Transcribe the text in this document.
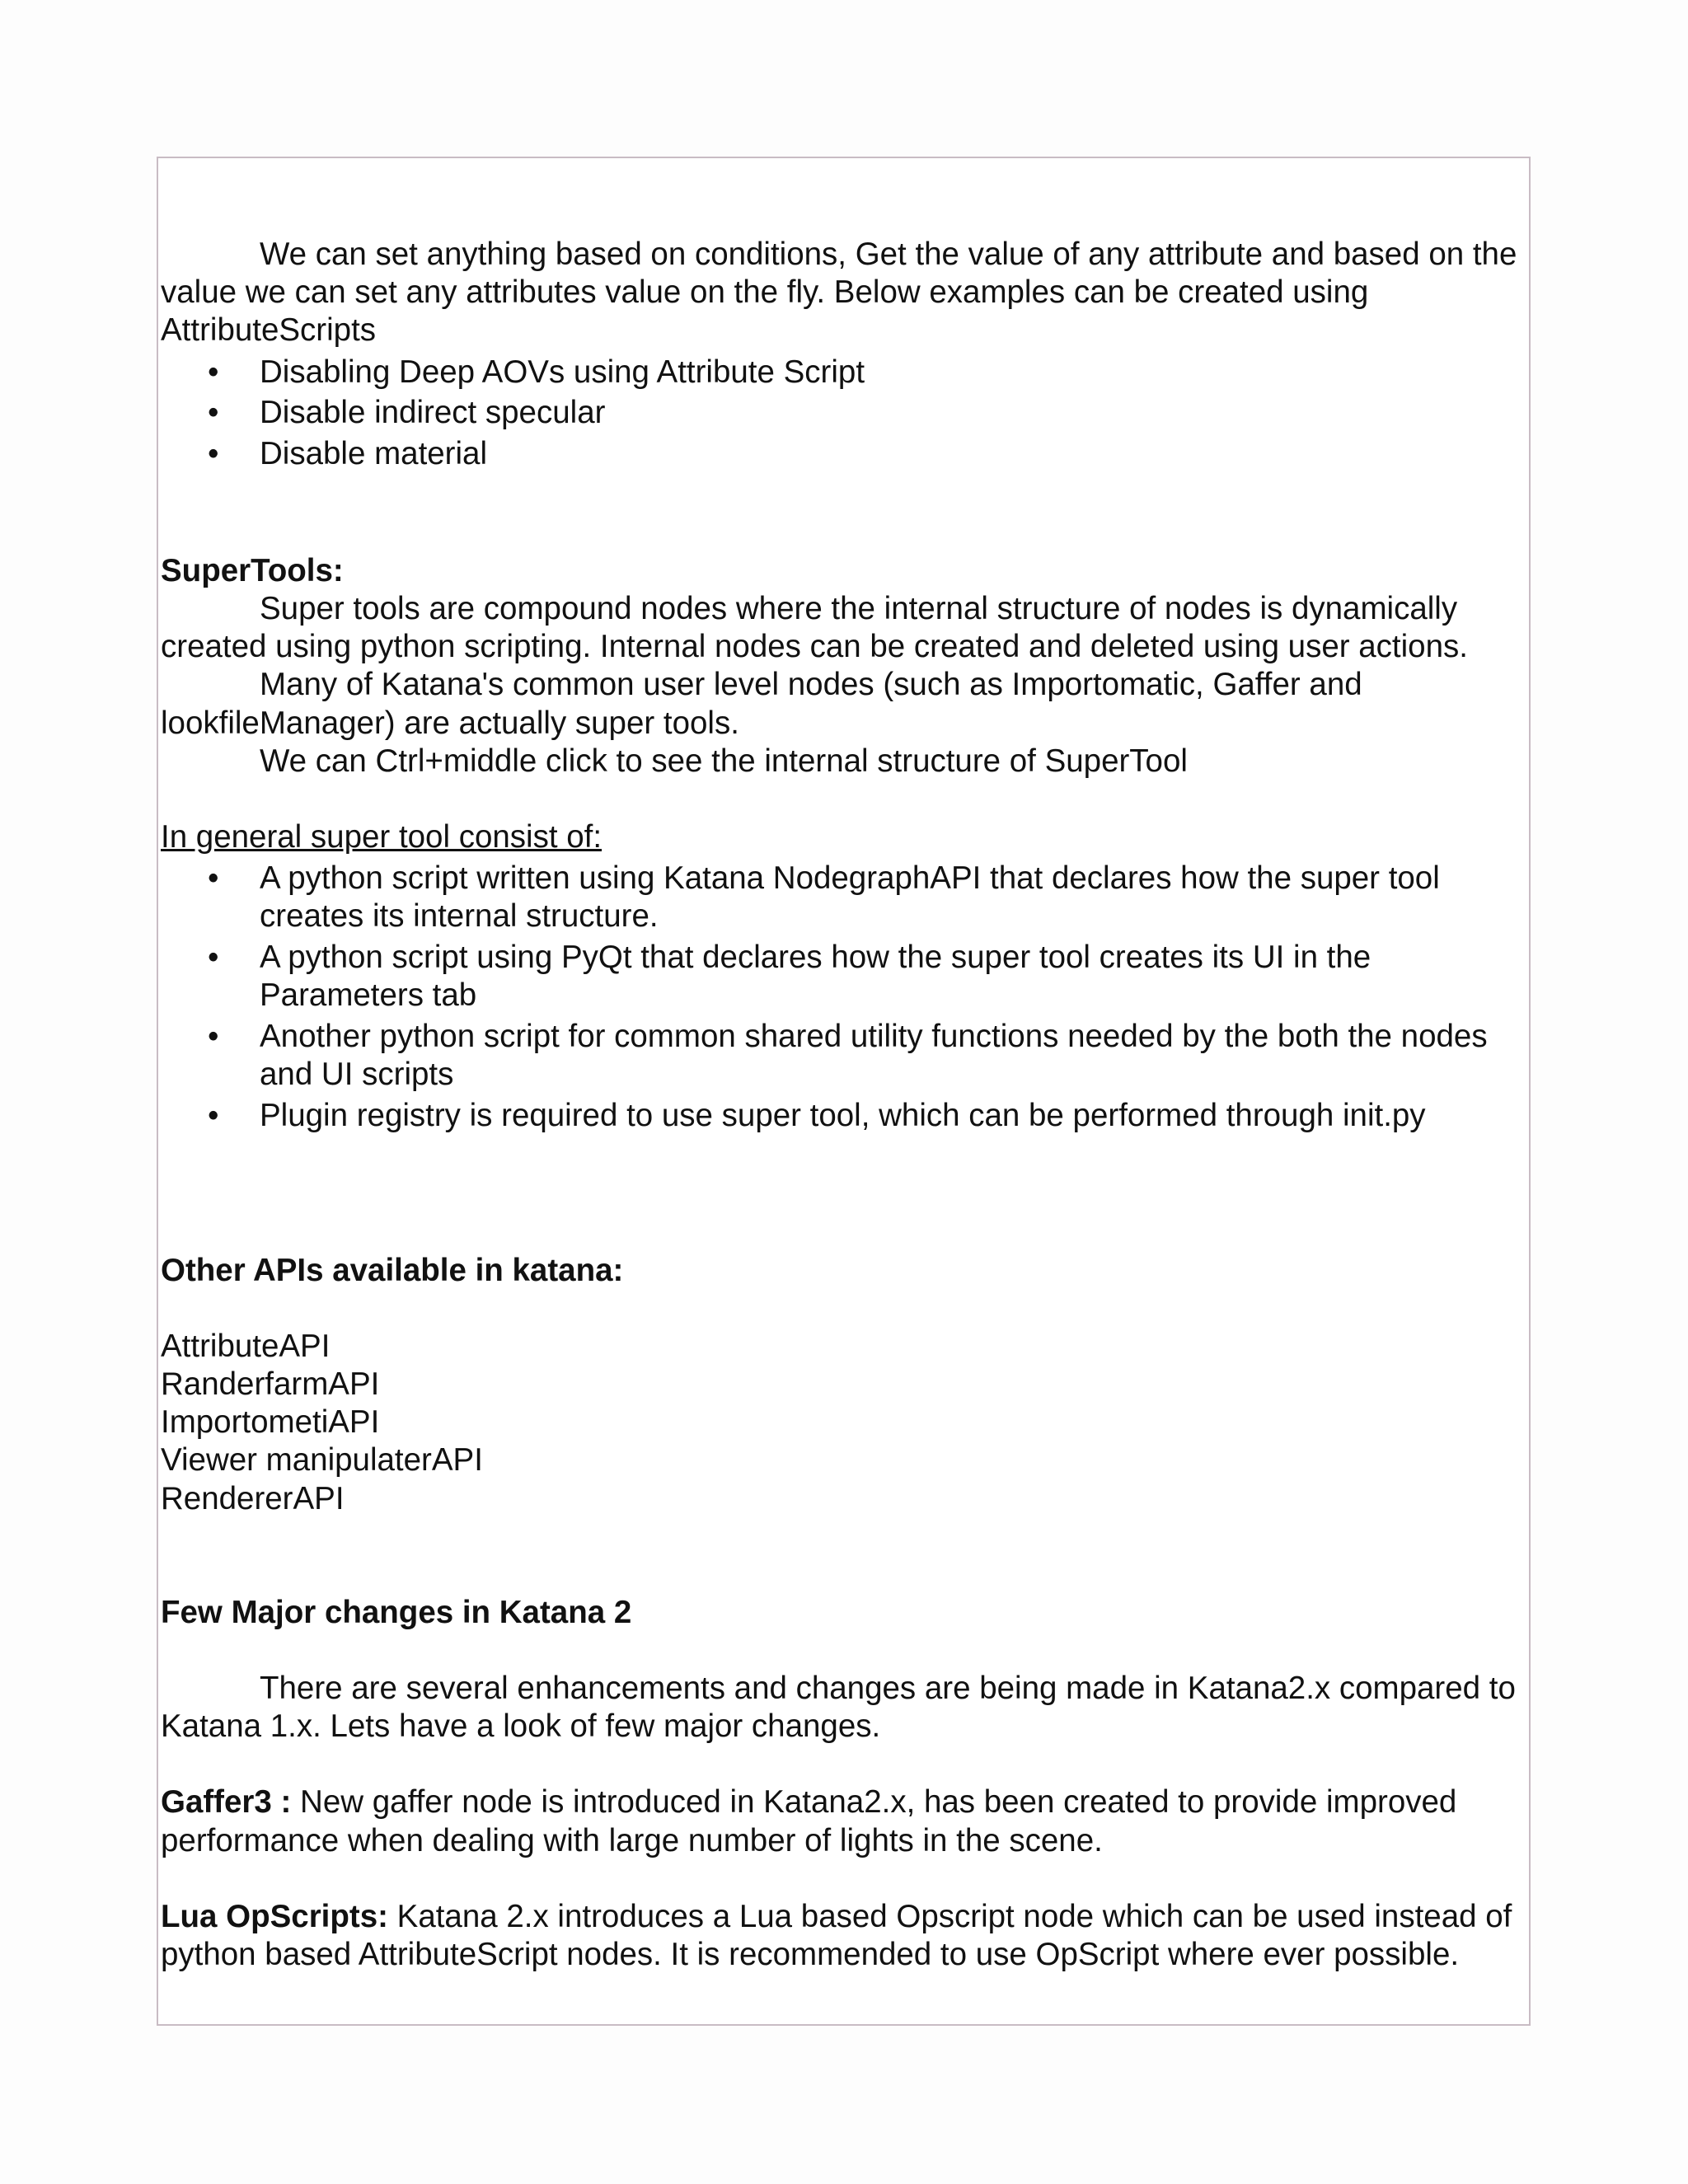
We can set anything based on conditions, Get the value of any attribute and based on the value we can set any attributes value on the fly. Below examples can be created using AttributeScripts

• Disabling Deep AOVs using Attribute Script
• Disable indirect specular
• Disable material

SuperTools:

Super tools are compound nodes where the internal structure of nodes is dynamically created using python scripting. Internal nodes can be created and deleted using user actions.

Many of Katana's common user level nodes (such as Importomatic, Gaffer and lookfileManager) are actually super tools.

We can Ctrl+middle click to see the internal structure of SuperTool

In general super tool consist of:

• A python script written using Katana NodegraphAPI that declares how the super tool creates its internal structure.
• A python script using PyQt that declares how the super tool creates its UI in the Parameters tab
• Another python script for common shared utility functions needed by the both the nodes and UI scripts
• Plugin registry is required to use super tool, which can be performed through init.py

Other APIs available in katana:

AttributeAPI

RanderfarmAPI

ImportometiAPI

Viewer manipulaterAPI

RendererAPI

Few Major changes in Katana 2

There are several enhancements and changes are being made in Katana2.x compared to Katana 1.x. Lets have a look of few major changes.

Gaffer3 : New gaffer node is introduced in Katana2.x, has been created to provide improved performance when dealing with large number of lights in the scene.

Lua OpScripts: Katana 2.x introduces a Lua based Opscript node which can be used instead of python based AttributeScript nodes. It is recommended to use OpScript where ever possible.
